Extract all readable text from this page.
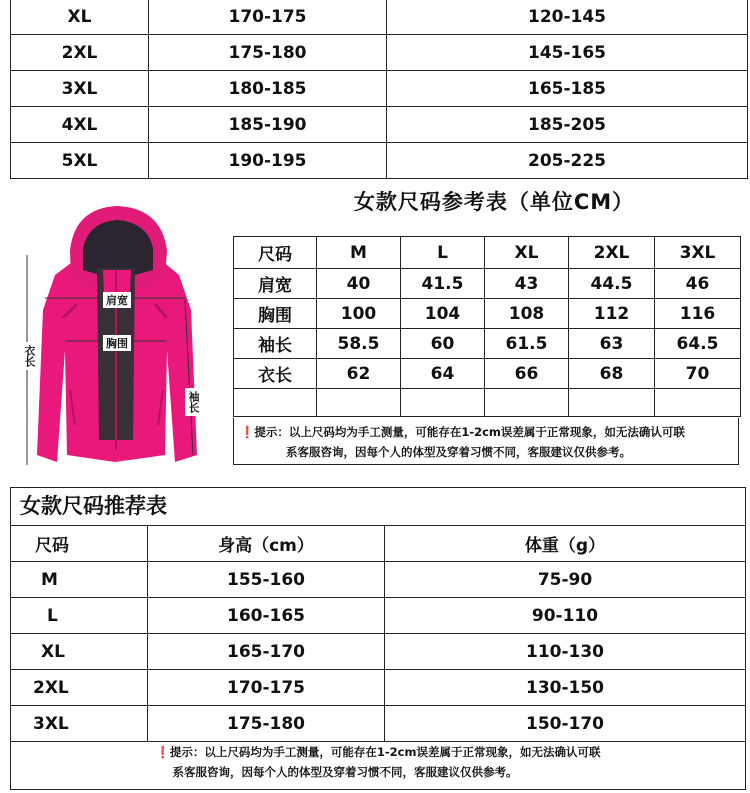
XL	170-175	120-145
2XL	175-180	145-165
3XL	180-185	165-185
4XL	185-190	185-205
5XL	190-195	205-225
女款尺码参考表（单位CM）
肩宽
胸围
衣长
袖长
尺码	M	L	XL	2XL	3XL
肩宽	40	41.5	43	44.5	46
胸围	100	104	108	112	116
袖长	58.5	60	61.5	63	64.5
衣长	62	64	66	68	70

❗提示：以上尺码均为手工测量，可能存在1-2cm误差属于正常现象，如无法确认可联
系客服咨询，因每个人的体型及穿着习惯不同，客服建议仅供参考。
女款尺码推荐表
尺码	身高（cm）	体重（g）
M	155-160	75-90
L	160-165	90-110
XL	165-170	110-130
2XL	170-175	130-150
3XL	175-180	150-170
❗提示：以上尺码均为手工测量，可能存在1-2cm误差属于正常现象，如无法确认可联
系客服咨询，因每个人的体型及穿着习惯不同，客服建议仅供参考。
